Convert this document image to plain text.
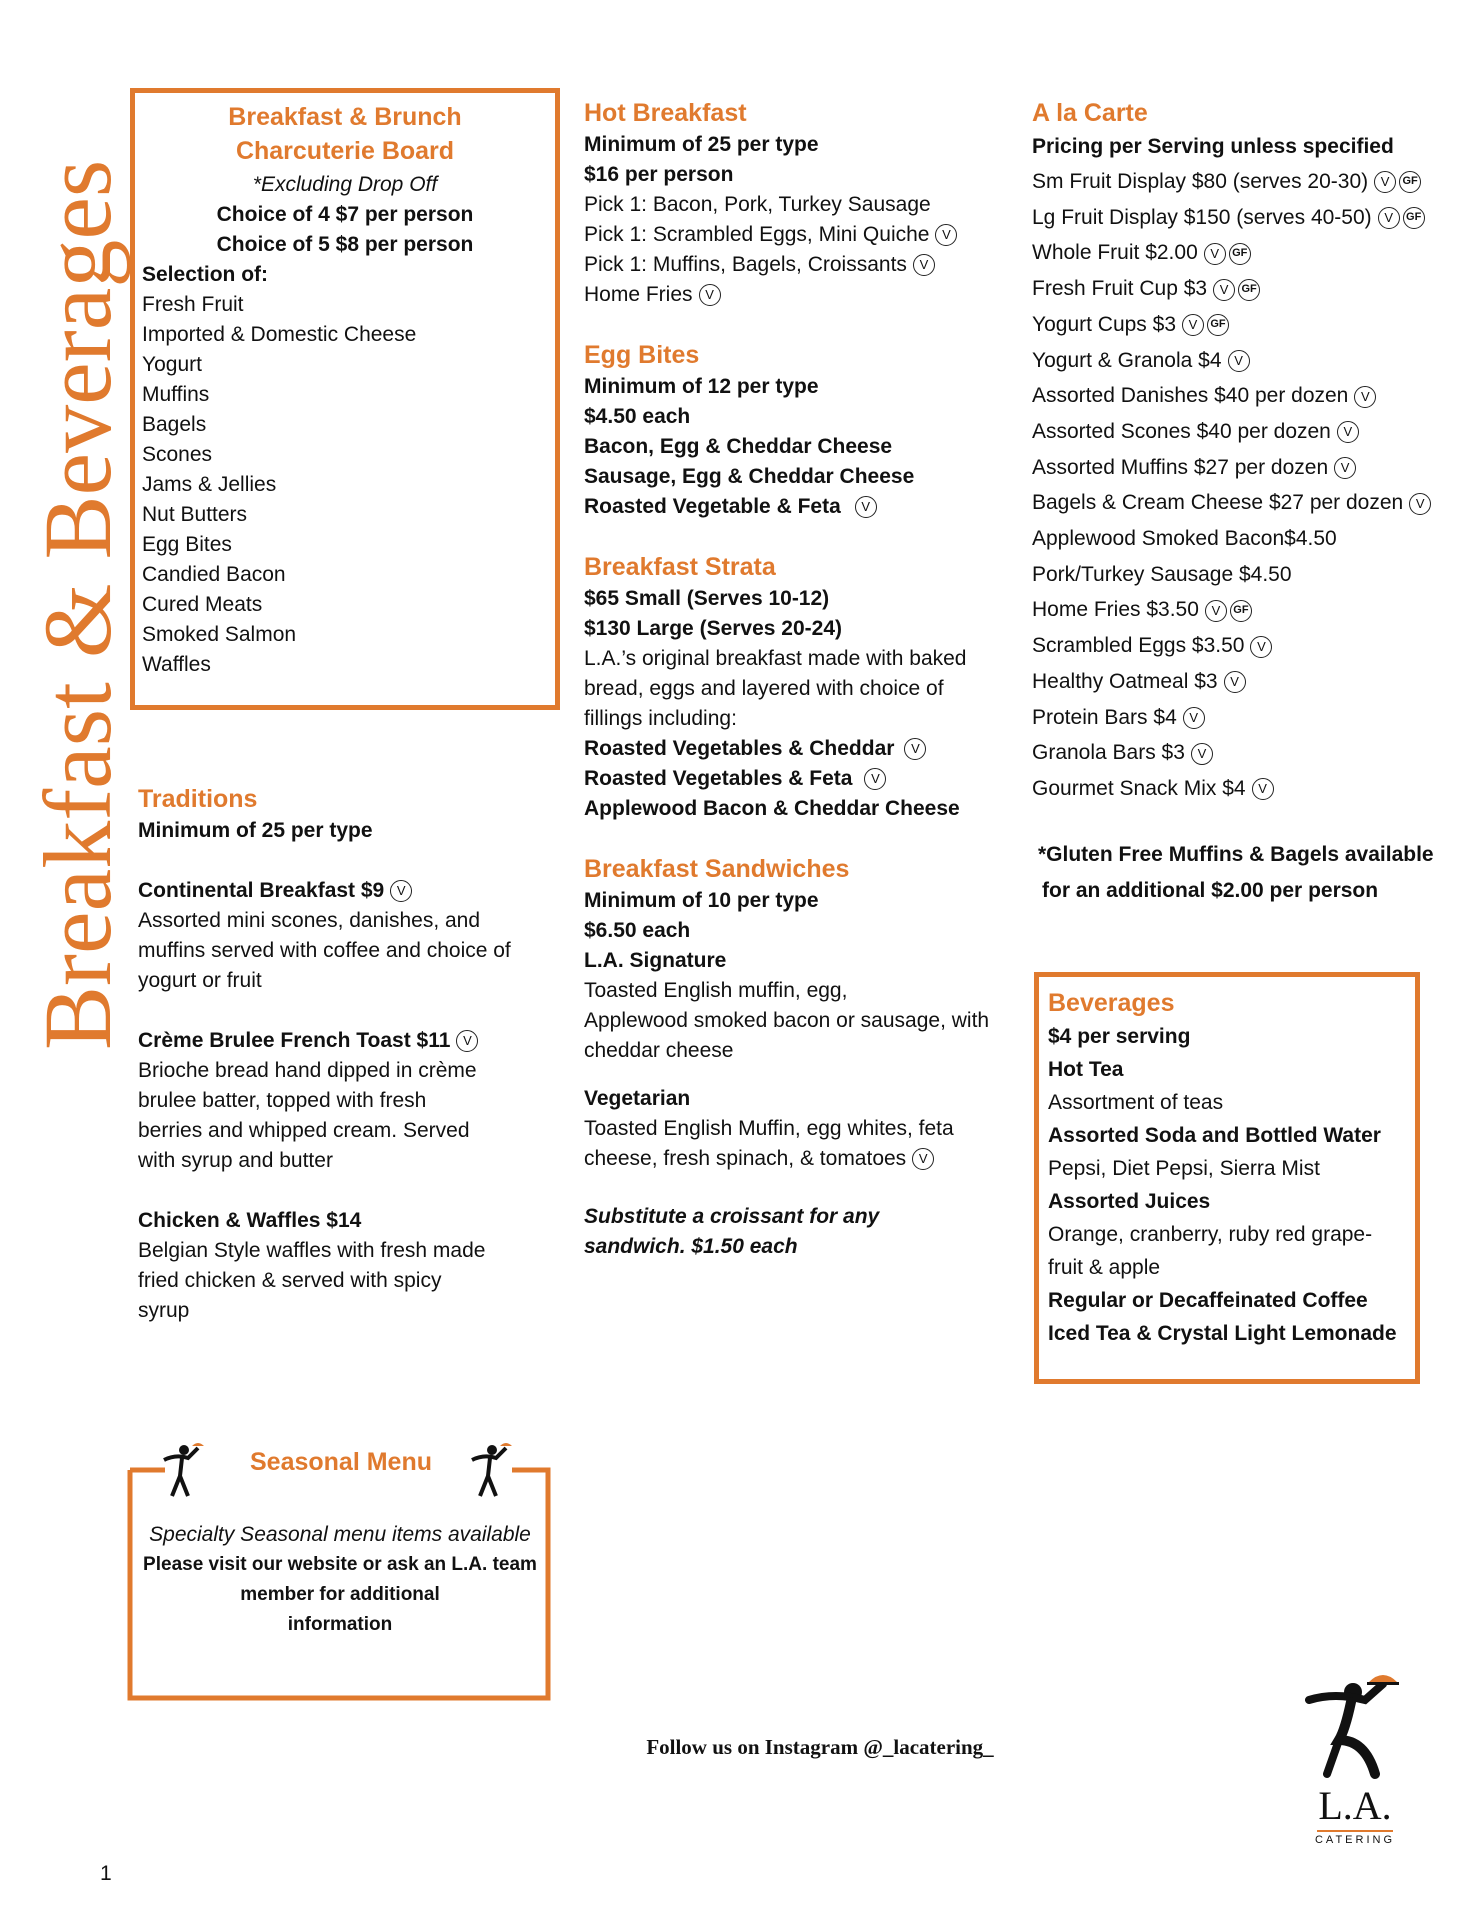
Breakfast & Beverages
Breakfast & Brunch
Charcuterie Board
*Excluding Drop Off
Choice of 4 $7 per person
Choice of 5 $8 per person
Selection of:
Fresh Fruit
Imported & Domestic Cheese
Yogurt
Muffins
Bagels
Scones
Jams & Jellies
Nut Butters
Egg Bites
Candied Bacon
Cured Meats
Smoked Salmon
Waffles
Traditions
Minimum of 25 per type
Continental Breakfast $9 V
Assorted mini scones, danishes, and
muffins served with coffee and choice of
yogurt or fruit
Crème Brulee French Toast $11 V
Brioche bread hand dipped in crème
brulee batter, topped with fresh
berries and whipped cream. Served
with syrup and butter
Chicken & Waffles $14
Belgian Style waffles with fresh made
fried chicken & served with spicy
syrup
Seasonal Menu
Specialty Seasonal menu items available
Please visit our website or ask an L.A. team
member for additional
information
Hot Breakfast
Minimum of 25 per type
$16 per person
Pick 1: Bacon, Pork, Turkey Sausage
Pick 1: Scrambled Eggs, Mini Quiche V
Pick 1: Muffins, Bagels, Croissants V
Home Fries V
Egg Bites
Minimum of 12 per type
$4.50 each
Bacon, Egg & Cheddar Cheese
Sausage, Egg & Cheddar Cheese
Roasted Vegetable & Feta V
Breakfast Strata
$65 Small (Serves 10-12)
$130 Large (Serves 20-24)
L.A.’s original breakfast made with baked
bread, eggs and layered with choice of
fillings including:
Roasted Vegetables & Cheddar V
Roasted Vegetables & Feta V
Applewood Bacon & Cheddar Cheese
Breakfast Sandwiches
Minimum of 10 per type
$6.50 each
L.A. Signature
Toasted English muffin, egg,
Applewood smoked bacon or sausage, with
cheddar cheese
Vegetarian
Toasted English Muffin, egg whites, feta
cheese, fresh spinach, & tomatoes V
Substitute a croissant for any
sandwich. $1.50 each
A la Carte
Pricing per Serving unless specified
Sm Fruit Display $80 (serves 20-30) V GF
Lg Fruit Display $150 (serves 40-50) V GF
Whole Fruit $2.00 V GF
Fresh Fruit Cup $3 V GF
Yogurt Cups $3 V GF
Yogurt & Granola $4 V
Assorted Danishes $40 per dozen V
Assorted Scones $40 per dozen V
Assorted Muffins $27 per dozen V
Bagels & Cream Cheese $27 per dozen V
Applewood Smoked Bacon$4.50
Pork/Turkey Sausage $4.50
Home Fries $3.50 V GF
Scrambled Eggs $3.50 V
Healthy Oatmeal $3 V
Protein Bars $4 V
Granola Bars $3 V
Gourmet Snack Mix $4 V
*Gluten Free Muffins & Bagels available
for an additional $2.00 per person
Beverages
$4 per serving
Hot Tea
Assortment of teas
Assorted Soda and Bottled Water
Pepsi, Diet Pepsi, Sierra Mist
Assorted Juices
Orange, cranberry, ruby red grape-
fruit & apple
Regular or Decaffeinated Coffee
Iced Tea & Crystal Light Lemonade
Follow us on Instagram @_lacatering_
1
L.A.
CATERING
